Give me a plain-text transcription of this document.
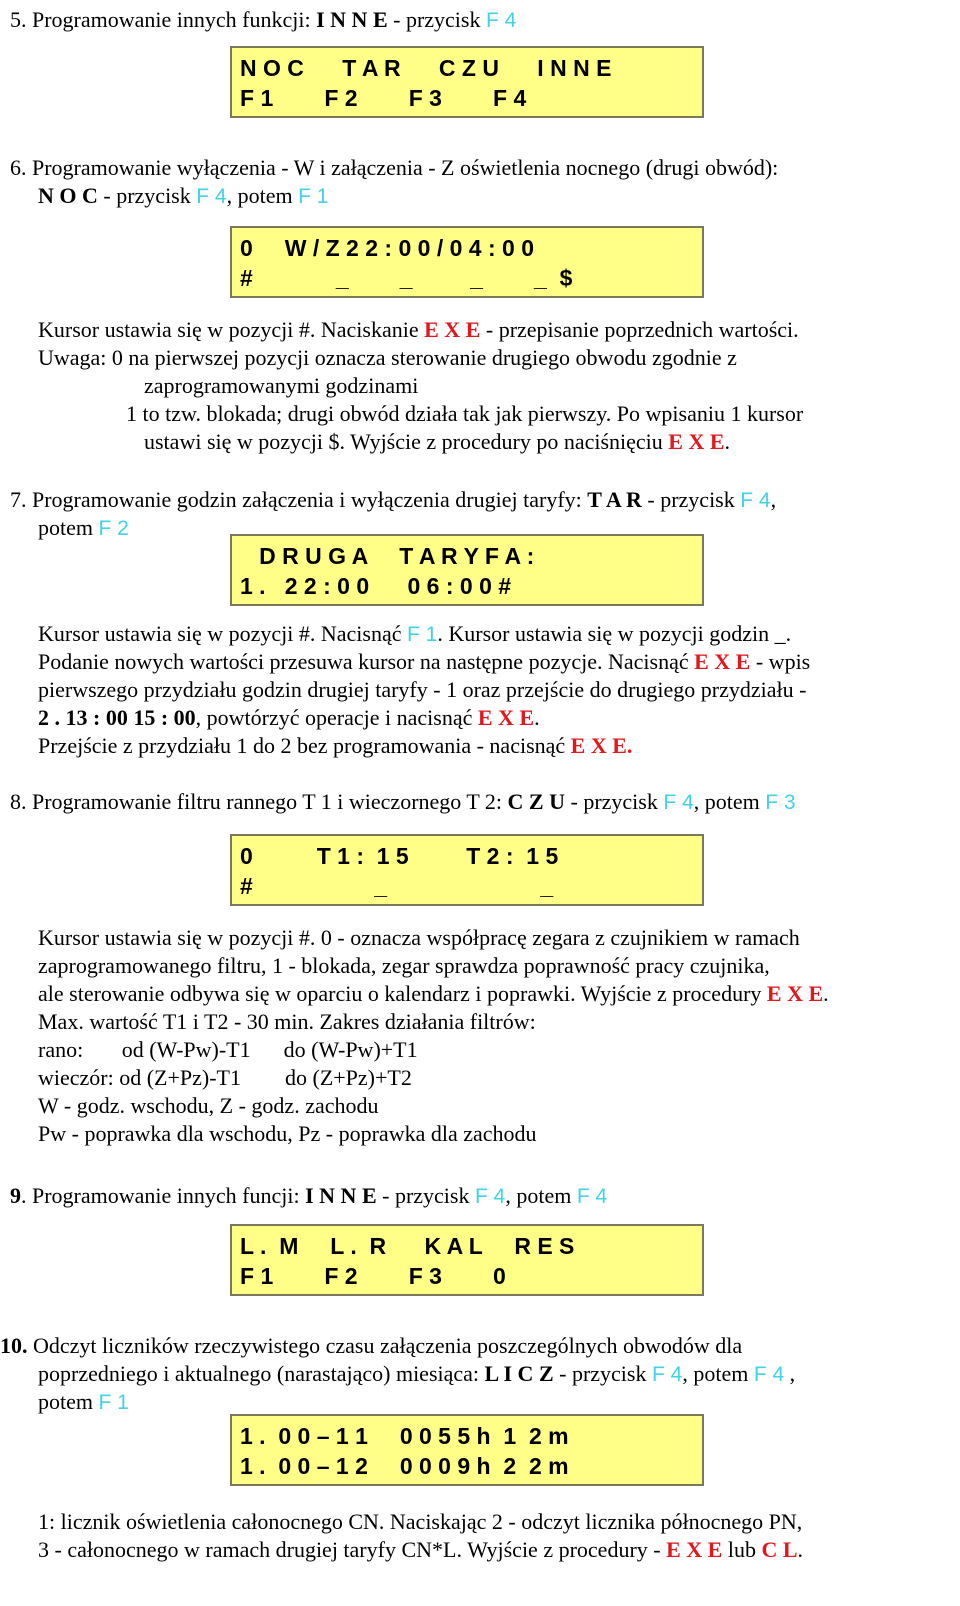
5. Programowanie innych funkcji: I N N E - przycisk F 4
N O C      T A R      C Z U      I N N E
F 1        F 2        F 3        F 4
6. Programowanie wyłączenia - W i załączenia - Z oświetlenia nocnego (drugi obwód):
N O C - przycisk F 4, potem F 1
0     W / Z 2 2 : 0 0 / 0 4 : 0 0
#             _        _         _        _  $
Kursor ustawia się w pozycji #. Naciskanie E X E - przepisanie poprzednich wartości.
Uwaga: 0 na pierwszej pozycji oznacza sterowanie drugiego obwodu zgodnie z
zaprogramowanymi godzinami
1 to tzw. blokada; drugi obwód działa tak jak pierwszy. Po wpisaniu 1 kursor
ustawi się w pozycji $. Wyjście z procedury po naciśnięciu E X E.
7. Programowanie godzin załączenia i wyłączenia drugiej taryfy: T A R - przycisk F 4,
potem F 2
D R U G A     T A R Y F A :
1 .   2 2 : 0 0      0 6 : 0 0 #
Kursor ustawia się w pozycji #. Nacisnąć F 1. Kursor ustawia się w pozycji godzin _.
Podanie nowych wartości przesuwa kursor na następne pozycje. Nacisnąć E X E - wpis
pierwszego przydziału godzin drugiej taryfy - 1 oraz przejście do drugiego przydziału -
2 . 13 : 00 15 : 00, powtórzyć operacje i nacisnąć E X E.
Przejście z przydziału 1 do 2 bez programowania - nacisnąć E X E.
8. Programowanie filtru rannego T 1 i wieczornego T 2: C Z U - przycisk F 4, potem F 3
0          T 1 :  1 5         T 2 :  1 5
#                   _                        _
Kursor ustawia się w pozycji #. 0 - oznacza współpracę zegara z czujnikiem w ramach
zaprogramowanego filtru, 1 - blokada, zegar sprawdza poprawność pracy czujnika,
ale sterowanie odbywa się w oparciu o kalendarz i poprawki. Wyjście z procedury E X E.
Max. wartość T1 i T2 - 30 min. Zakres działania filtrów:
rano:       od (W-Pw)-T1      do (W-Pw)+T1
wieczór: od (Z+Pz)-T1        do (Z+Pz)+T2
W - godz. wschodu, Z - godz. zachodu
Pw - poprawka dla wschodu, Pz - poprawka dla zachodu
9. Programowanie innych funcji: I N N E - przycisk F 4, potem F 4
L .  M     L .  R      K A L     R E S
F 1        F 2        F 3        0
10. Odczyt liczników rzeczywistego czasu załączenia poszczególnych obwodów dla
poprzedniego i aktualnego (narastająco) miesiąca: L I C Z - przycisk F 4, potem F 4 ,
potem F 1
1 .  0 0 – 1 1     0 0 5 5 h  1  2 m
1 .  0 0 – 1 2     0 0 0 9 h  2  2 m
1: licznik oświetlenia całonocnego CN. Naciskając 2 - odczyt licznika północnego PN,
3 - całonocnego w ramach drugiej taryfy CN*L. Wyjście z procedury - E X E lub C L.
